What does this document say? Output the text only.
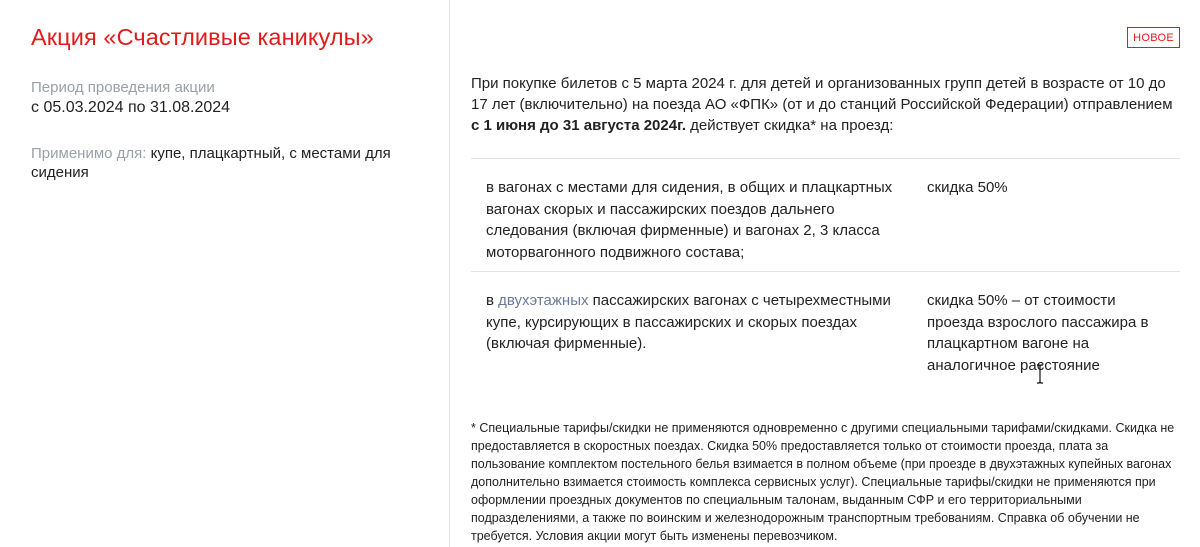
Акция «Счастливые каникулы»
Период проведения акции
с 05.03.2024 по 31.08.2024
Применимо для: купе, плацкартный, с местами для сидения
НОВОЕ

При покупке билетов с 5 марта 2024 г. для детей и организованных групп детей в возрасте от 10 до 17 лет (включительно) на поезда АО «ФПК» (от и до станций Российской Федерации) отправлением с 1 июня до 31 августа 2024г. действует скидка* на проезд:

в вагонах с местами для сидения, в общих и плацкартных вагонах скорых и пассажирских поездов дальнего следования (включая фирменные) и вагонах 2, 3 класса моторвагонного подвижного состава;
скидка 50%
в двухэтажных пассажирских вагонах с четырехместными купе, курсирующих в пассажирских и скорых поездах (включая фирменные).
скидка 50% – от стоимости проезда взрослого пассажира в плацкартном вагоне на аналогичное расстояние

* Специальные тарифы/скидки не применяются одновременно с другими специальными тарифами/скидками. Скидка не предоставляется в скоростных поездах. Скидка 50% предоставляется только от стоимости проезда, плата за пользование комплектом постельного белья взимается в полном объеме (при проезде в двухэтажных купейных вагонах дополнительно взимается стоимость комплекса сервисных услуг). Специальные тарифы/скидки не применяются при оформлении проездных документов по специальным талонам, выданным СФР и его территориальными подразделениями, а также по воинским и железнодорожным транспортным требованиям. Справка об обучении не требуется. Условия акции могут быть изменены перевозчиком.
